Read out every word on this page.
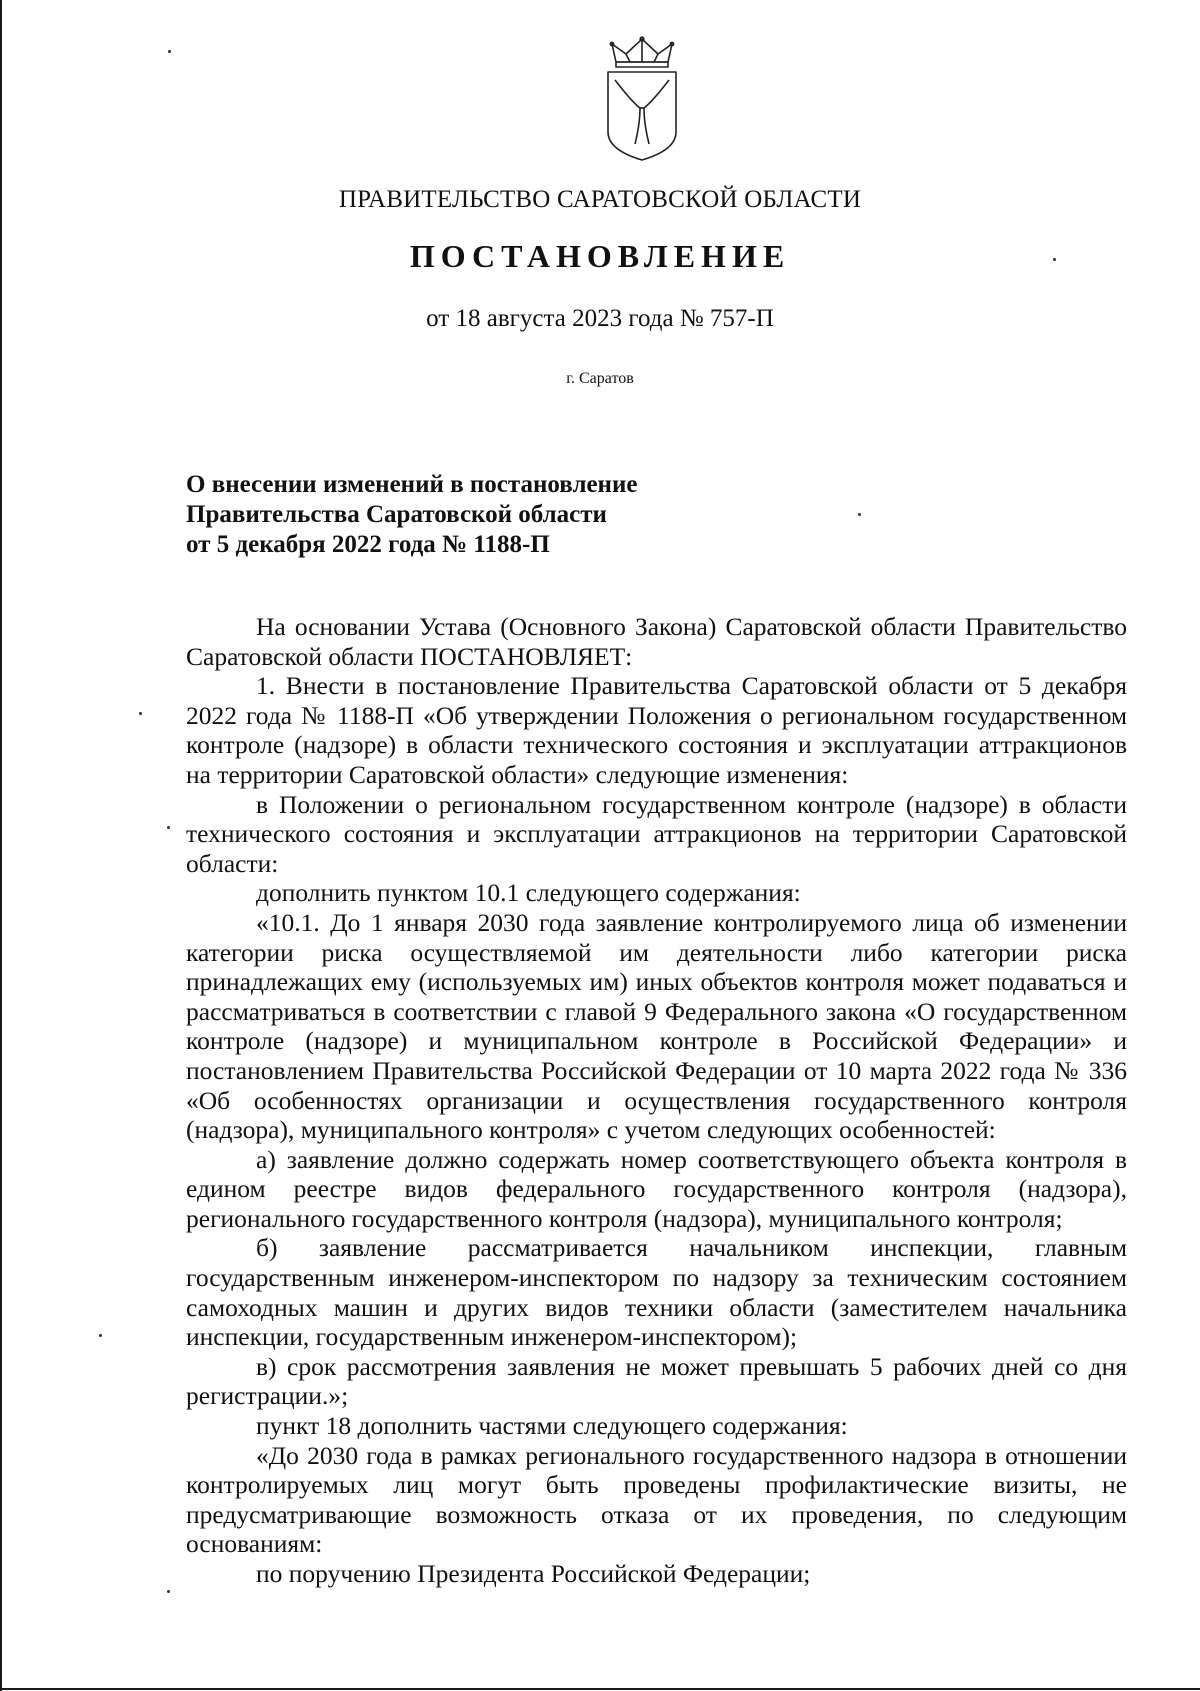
ПРАВИТЕЛЬСТВО САРАТОВСКОЙ ОБЛАСТИ
ПОСТАНОВЛЕНИЕ
от 18 августа 2023 года № 757-П
г. Саратов
О внесении изменений в постановление
Правительства Саратовской области
от 5 декабря 2022 года № 1188-П
На основании Устава (Основного Закона) Саратовской области Правительство Саратовской области ПОСТАНОВЛЯЕТ:
1. Внести в постановление Правительства Саратовской области от 5 декабря 2022 года № 1188-П «Об утверждении Положения о региональном государственном контроле (надзоре) в области технического состояния и эксплуатации аттракционов на территории Саратовской области» следующие изменения:
в Положении о региональном государственном контроле (надзоре) в области технического состояния и эксплуатации аттракционов на территории Саратовской области:
дополнить пунктом 10.1 следующего содержания:
«10.1. До 1 января 2030 года заявление контролируемого лица об изменении категории риска осуществляемой им деятельности либо категории риска принадлежащих ему (используемых им) иных объектов контроля может подаваться и рассматриваться в соответствии с главой 9 Федерального закона «О государственном контроле (надзоре) и муниципальном контроле в Российской Федерации» и постановлением Правительства Российской Федерации от 10 марта 2022 года № 336 «Об особенностях организации и осуществления государственного контроля (надзора), муниципального контроля» с учетом следующих особенностей:
а) заявление должно содержать номер соответствующего объекта контроля в едином реестре видов федерального государственного контроля (надзора), регионального государственного контроля (надзора), муниципального контроля;
б) заявление рассматривается начальником инспекции, главным государственным инженером-инспектором по надзору за техническим состоянием самоходных машин и других видов техники области (заместителем начальника инспекции, государственным инженером-инспектором);
в) срок рассмотрения заявления не может превышать 5 рабочих дней со дня регистрации.»;
пункт 18 дополнить частями следующего содержания:
«До 2030 года в рамках регионального государственного надзора в отношении контролируемых лиц могут быть проведены профилактические визиты, не предусматривающие возможность отказа от их проведения, по следующим основаниям:
по поручению Президента Российской Федерации;
